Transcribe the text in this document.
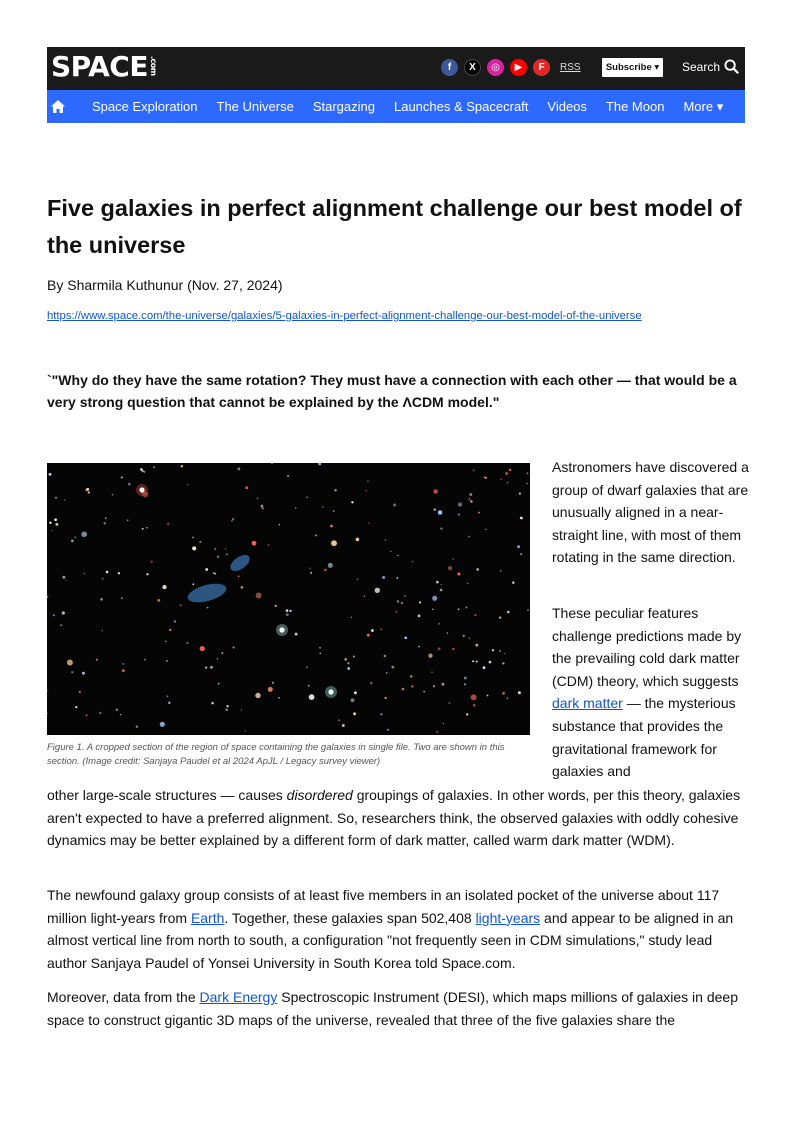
SPACE.com	f	X	◎	▶	F	RSS	Subscribe ▾	Search
Space Exploration The Universe Stargazing Launches & Spacecraft Videos The Moon More ▾
Five galaxies in perfect alignment challenge our best model of the universe

By Sharmila Kuthunur (Nov. 27, 2024)

https://www.space.com/the-universe/galaxies/5-galaxies-in-perfect-alignment-challenge-our-best-model-of-the-universe

`"Why do they have the same rotation? They must have a connection with each other — that would be a very strong question that cannot be explained by the ΛCDM model."

Figure 1. A cropped section of the region of space containing the galaxies in single file. Two are shown in this section. (Image credit: Sanjaya Paudel et al 2024 ApJL / Legacy survey viewer)

Astronomers have discovered a group of dwarf galaxies that are unusually aligned in a near-straight line, with most of them rotating in the same direction.

These peculiar features challenge predictions made by the prevailing cold dark matter (CDM) theory, which suggests dark matter — the mysterious substance that provides the gravitational framework for galaxies and

other large-scale structures — causes disordered groupings of galaxies. In other words, per this theory, galaxies aren't expected to have a preferred alignment. So, researchers think, the observed galaxies with oddly cohesive dynamics may be better explained by a different form of dark matter, called warm dark matter (WDM).

The newfound galaxy group consists of at least five members in an isolated pocket of the universe about 117 million light-years from Earth. Together, these galaxies span 502,408 light-years and appear to be aligned in an almost vertical line from north to south, a configuration "not frequently seen in CDM simulations," study lead author Sanjaya Paudel of Yonsei University in South Korea told Space.com.

Moreover, data from the Dark Energy Spectroscopic Instrument (DESI), which maps millions of galaxies in deep space to construct gigantic 3D maps of the universe, revealed that three of the five galaxies share the
